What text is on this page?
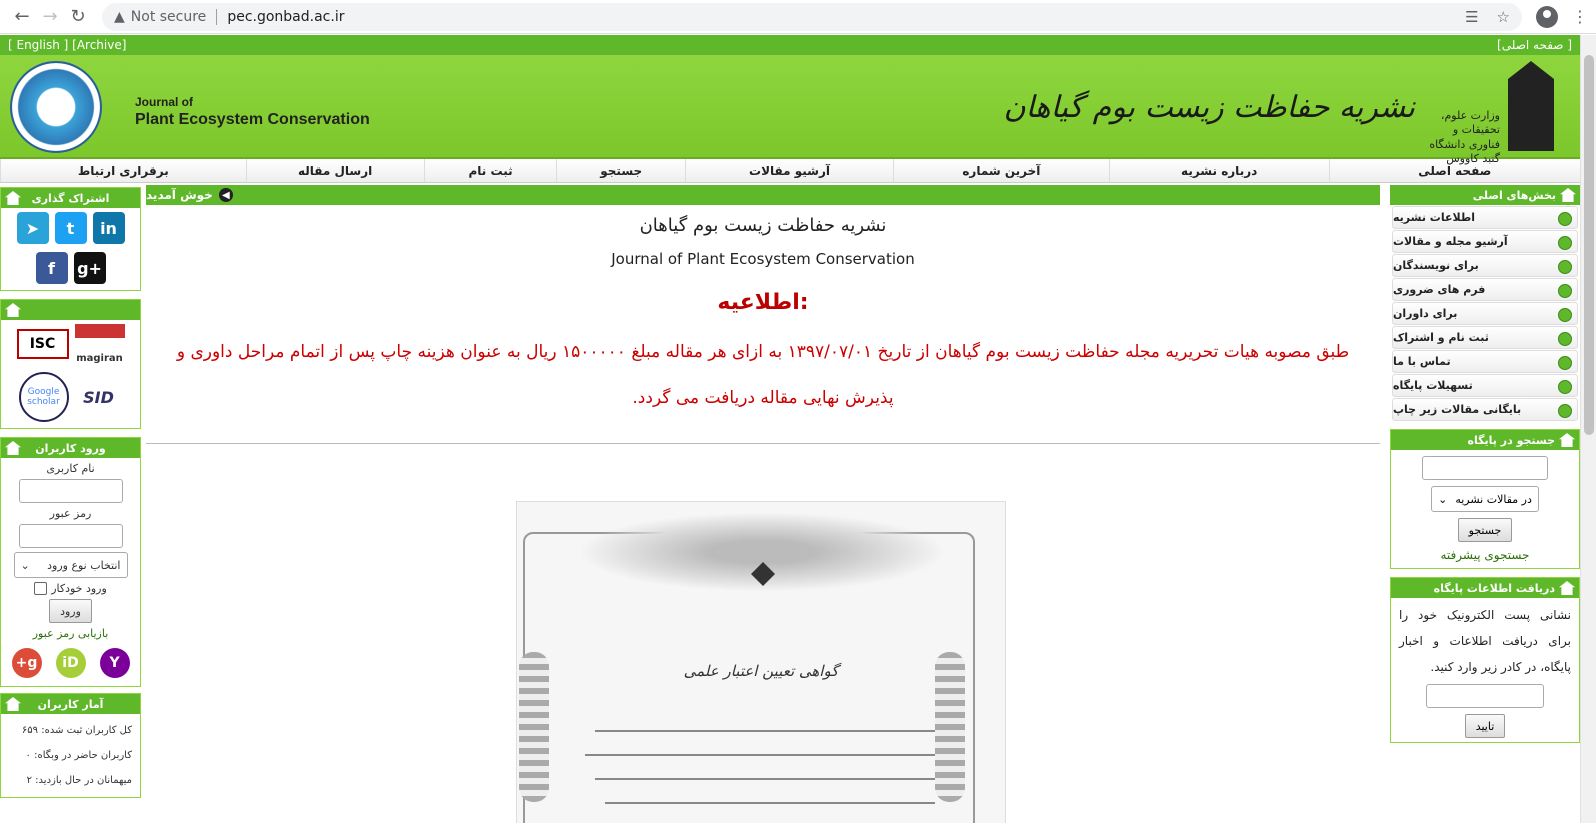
← → ↻	▲ Not secure pec.gonbad.ac.ir	☰ ☆	⋮
[ English ] [Archive]	[صفحه اصلی ]
Journal of
Plant Ecosystem Conservation	نشریه حفاظت زیست بوم گیاهان	وزارت علوم، تحقیقات و فناوری دانشگاه گنبد کاووس
صفحه اصلی
درباره نشریه
آخرین شماره
آرشیو مقالات
جستجو
ثبت نام
ارسال مقاله
برقراری ارتباط
بخش‌های اصلی
اطلاعات نشریه
آرشیو مجله و مقالات
برای نویسندگان
فرم های ضروری
برای داوران
ثبت نام و اشتراک
تماس با ما
تسهیلات پایگاه
بایگانی مقالات زیر چاپ
جستجو در پایگاه
در مقالات نشریه
⌄
جستجو
جستجوی پیشرفته
دریافت اطلاعات پایگاه
نشانی پست الکترونیک خود را برای دریافت اطلاعات و اخبار پایگاه، در کادر زیر وارد کنید.
تایید
اشتراک گذاری
➤	t	in
f	g+
ISC
magiran
Google scholar	SID
ورود کاربران
نام کاربری
رمز عبور
انتخاب نوع ورود
⌄
ورود خودکار
ورود
بازیابی رمز عبور
Y
iD
g+
آمار کاربران
کل کاربران ثبت شده: ۶۵۹
کاربران حاضر در وبگاه: ۰
میهمانان در حال بازدید: ۲
◀
خوش آمدید
نشریه حفاظت زیست بوم گیاهان
Journal of Plant Ecosystem Conservation
اطلاعیه:
طبق مصوبه هیات تحریریه مجله حفاظت زیست بوم گیاهان از تاریخ ۱۳۹۷/۰۷/۰۱ به ازای هر مقاله مبلغ ۱۵۰۰۰۰۰ ریال به عنوان هزینه چاپ پس از اتمام مراحل داوری و پذیرش نهایی مقاله دریافت می گردد.
گواهی تعیین اعتبار علمی
